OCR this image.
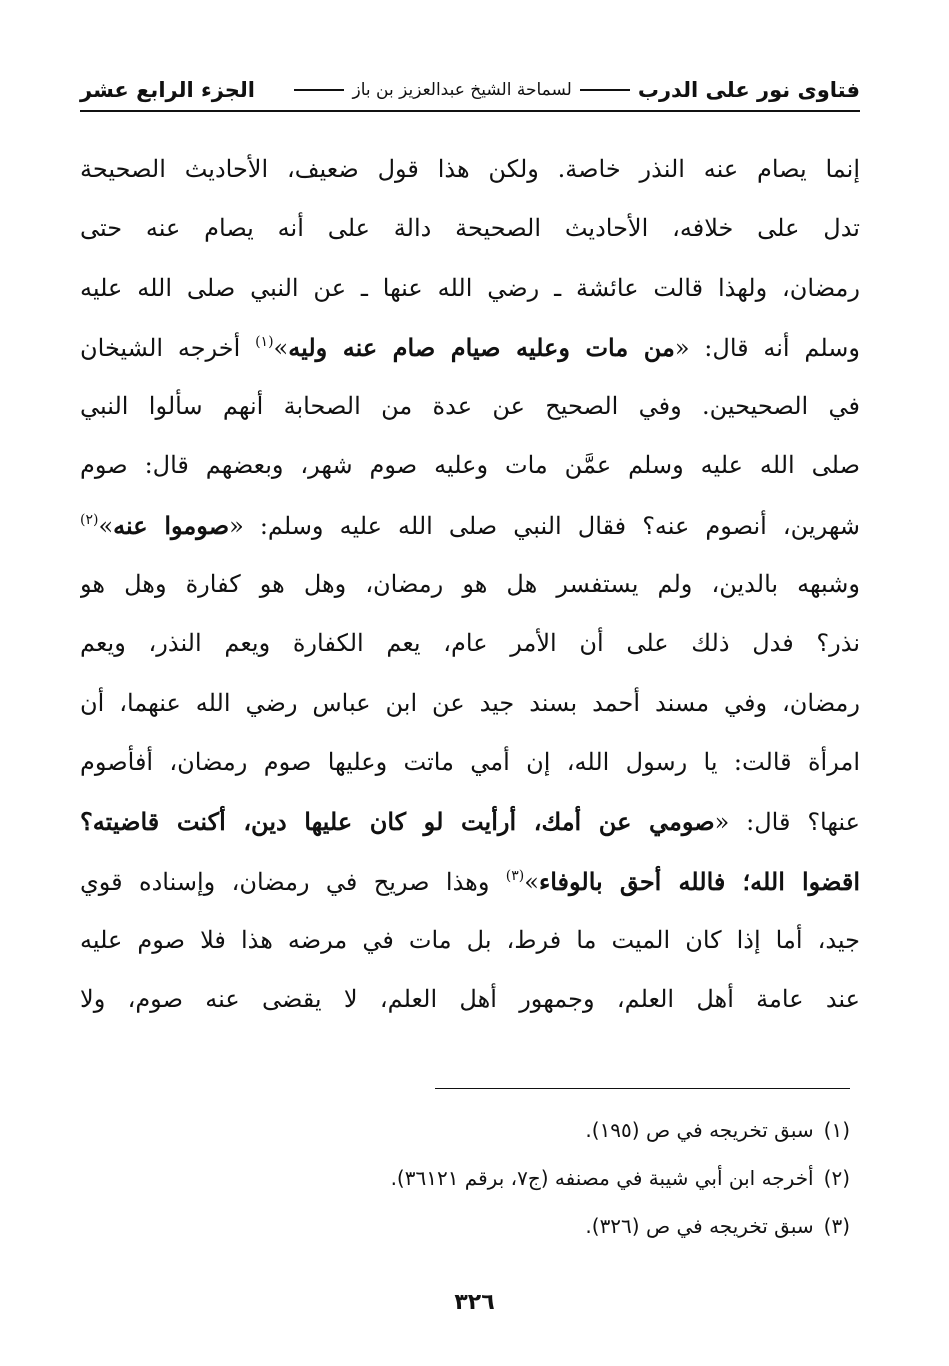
فتاوى نور على الدرب
لسماحة الشيخ عبدالعزيز بن باز
الجزء الرابع عشر
إنما يصام عنه النذر خاصة. ولكن هذا قول ضعيف، الأحاديث الصحيحة
تدل على خلافه، الأحاديث الصحيحة دالة على أنه يصام عنه حتى
رمضان، ولهذا قالت عائشة ـ رضي الله عنها ـ عن النبي صلى الله عليه
وسلم أنه قال: «من مات وعليه صيام صام عنه وليه»$^{(١)}$ أخرجه الشيخان
في الصحيحين. وفي الصحيح عن عدة من الصحابة أنهم سألوا النبي
صلى الله عليه وسلم عمَّن مات وعليه صوم شهر، وبعضهم قال: صوم
شهرين، أنصوم عنه؟ فقال النبي صلى الله عليه وسلم: «صوموا عنه»$^{(٢)}$
وشبهه بالدين، ولم يستفسر هل هو رمضان، وهل هو كفارة وهل هو
نذر؟ فدل ذلك على أن الأمر عام، يعم الكفارة ويعم النذر، ويعم
رمضان، وفي مسند أحمد بسند جيد عن ابن عباس رضي الله عنهما، أن
امرأة قالت: يا رسول الله، إن أمي ماتت وعليها صوم رمضان، أفأصوم
عنها؟ قال: «صومي عن أمك، أرأيت لو كان عليها دين، أكنت قاضيته؟
اقضوا الله؛ فالله أحق بالوفاء»$^{(٣)}$ وهذا صريح في رمضان، وإسناده قوي
جيد، أما إذا كان الميت ما فرط، بل مات في مرضه هذا فلا صوم عليه
عند عامة أهل العلم، وجمهور أهل العلم، لا يقضى عنه صوم، ولا
(١)سبق تخريجه في ص (١٩٥).
(٢)أخرجه ابن أبي شيبة في مصنفه (ج٧، برقم ٣٦١٢١).
(٣)سبق تخريجه في ص (٣٢٦).
٣٢٦
